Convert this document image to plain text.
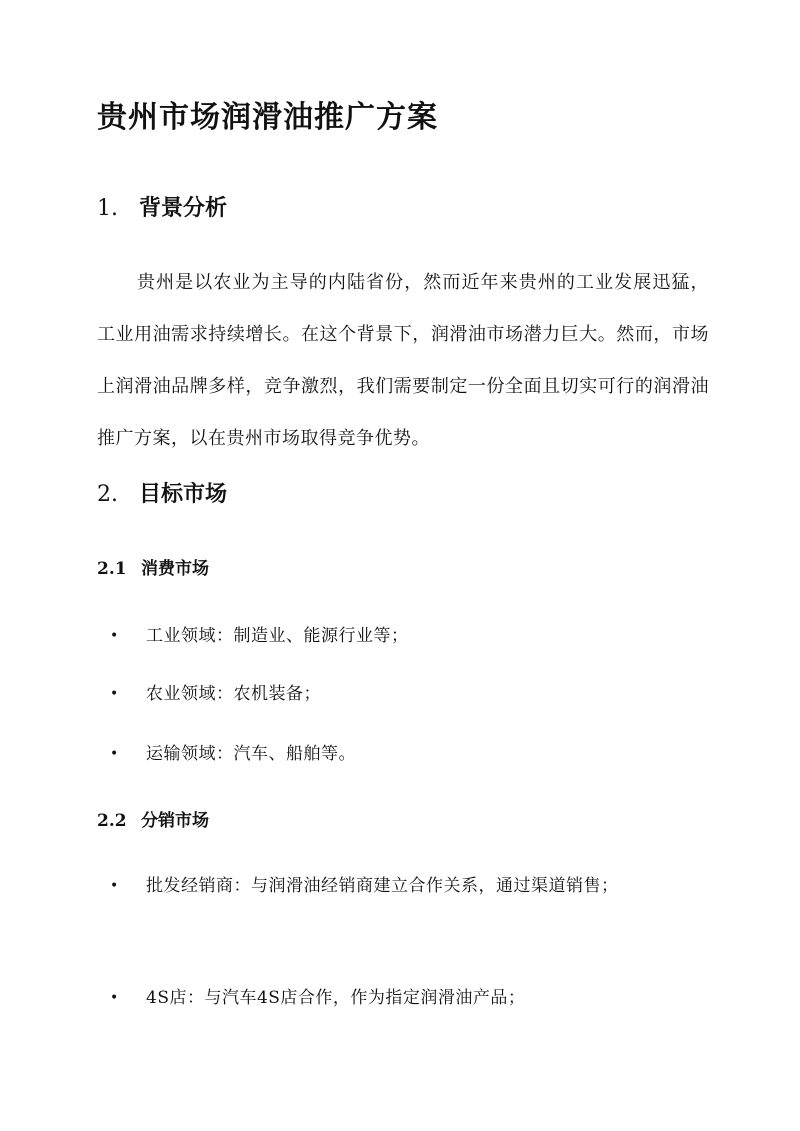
贵州市场润滑油推广方案
1. 背景分析
贵州是以农业为主导的内陆省份，然而近年来贵州的工业发展迅猛，工业用油需求持续增长。在这个背景下，润滑油市场潜力巨大。然而，市场上润滑油品牌多样，竞争激烈，我们需要制定一份全面且切实可行的润滑油推广方案，以在贵州市场取得竞争优势。
2. 目标市场
2.1 消费市场
•	工业领域：制造业、能源行业等；
•	农业领域：农机装备；
•	运输领域：汽车、船舶等。
2.2 分销市场
•	批发经销商：与润滑油经销商建立合作关系，通过渠道销售；
•	4S店：与汽车4S店合作，作为指定润滑油产品；
